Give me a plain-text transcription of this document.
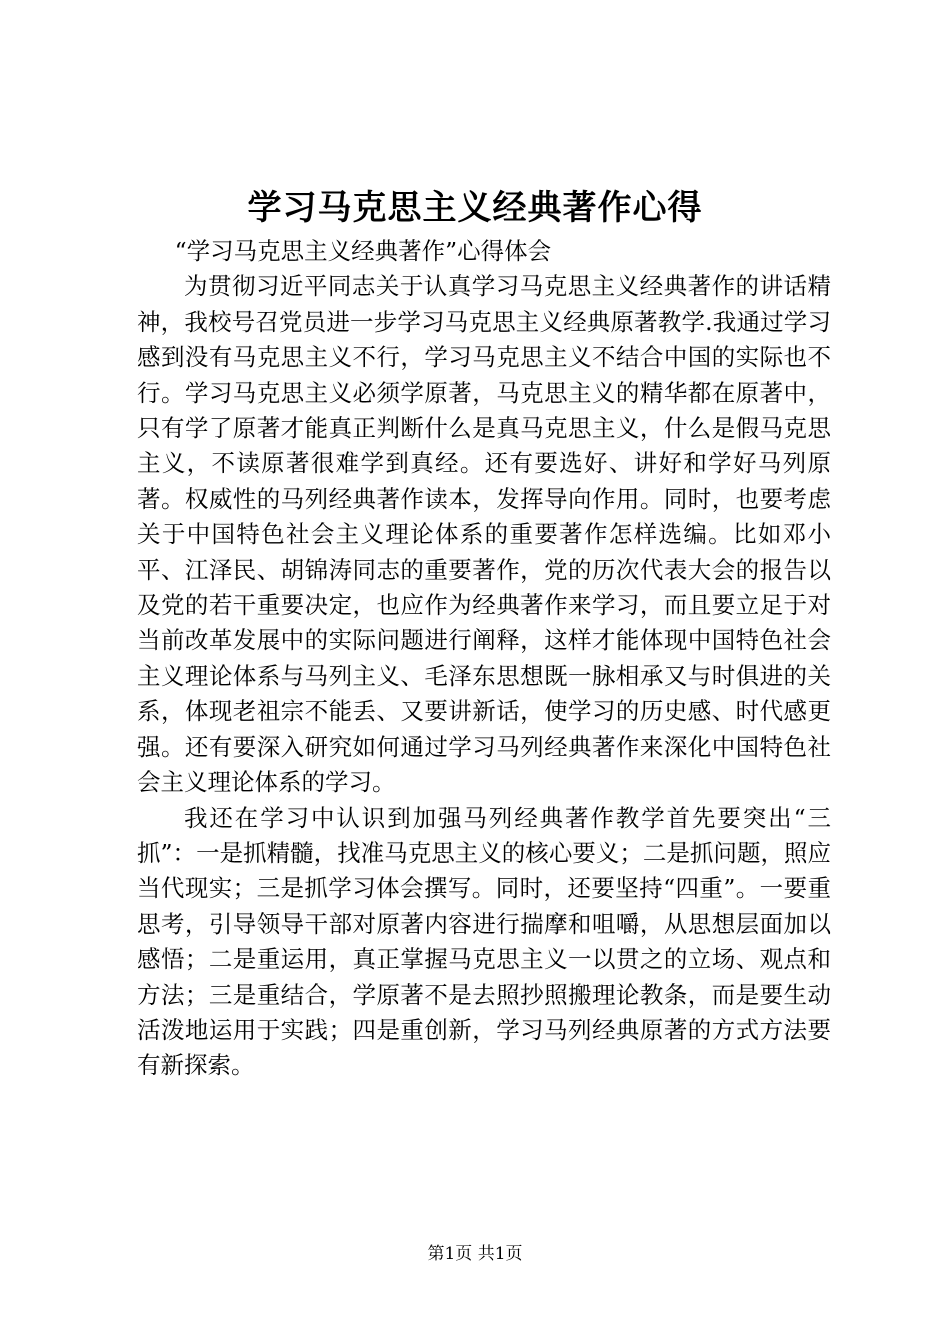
学习马克思主义经典著作心得

“学习马克思主义经典著作”心得体会

为贯彻习近平同志关于认真学习马克思主义经典著作的讲话精神，我校号召党员进一步学习马克思主义经典原著教学.我通过学习感到没有马克思主义不行，学习马克思主义不结合中国的实际也不行。学习马克思主义必须学原著，马克思主义的精华都在原著中，只有学了原著才能真正判断什么是真马克思主义，什么是假马克思主义，不读原著很难学到真经。还有要选好、讲好和学好马列原著。权威性的马列经典著作读本，发挥导向作用。同时，也要考虑关于中国特色社会主义理论体系的重要著作怎样选编。比如邓小平、江泽民、胡锦涛同志的重要著作，党的历次代表大会的报告以及党的若干重要决定，也应作为经典著作来学习，而且要立足于对当前改革发展中的实际问题进行阐释，这样才能体现中国特色社会主义理论体系与马列主义、毛泽东思想既一脉相承又与时俱进的关系，体现老祖宗不能丢、又要讲新话，使学习的历史感、时代感更强。还有要深入研究如何通过学习马列经典著作来深化中国特色社会主义理论体系的学习。

我还在学习中认识到加强马列经典著作教学首先要突出“三抓”：一是抓精髓，找准马克思主义的核心要义；二是抓问题，照应当代现实；三是抓学习体会撰写。同时，还要坚持“四重”。一要重思考，引导领导干部对原著内容进行揣摩和咀嚼，从思想层面加以感悟；二是重运用，真正掌握马克思主义一以贯之的立场、观点和方法；三是重结合，学原著不是去照抄照搬理论教条，而是要生动活泼地运用于实践；四是重创新，学习马列经典原著的方式方法要有新探索。

第1页 共1页
